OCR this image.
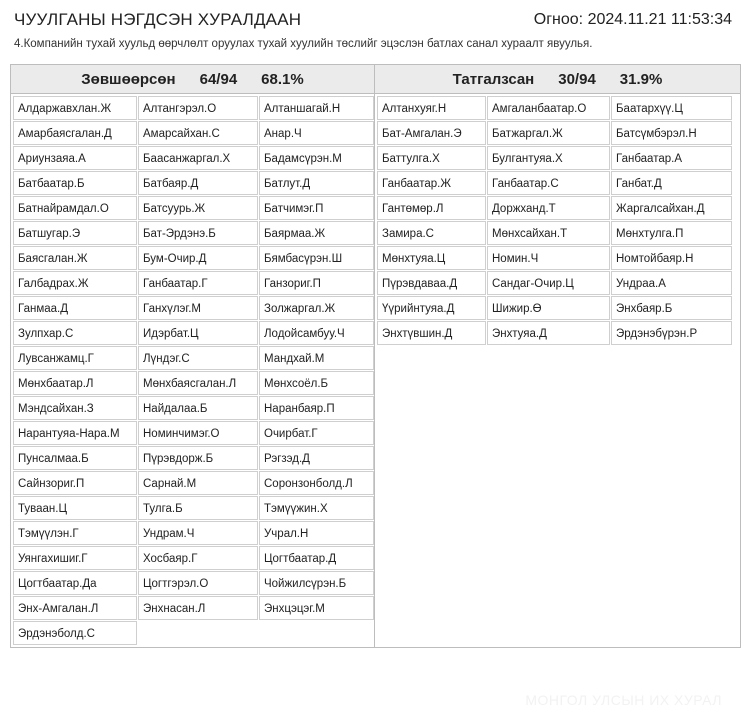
ЧУУЛГАНЫ НЭГДСЭН ХУРАЛДААН	Огноо: 2024.11.21 11:53:34
4.Компанийн тухай хуульд өөрчлөлт оруулах тухай хуулийн төслийг эцэслэн батлах санал хураалт явуулья.
Зөвшөөрсөн 64/94 68.1%
Алдаржавхлан.Ж	Алтангэрэл.О	Алтаншагай.Н
Амарбаясгалан.Д	Амарсайхан.С	Анар.Ч
Ариунзаяа.А	Баасанжаргал.Х	Бадамсүрэн.М
Батбаатар.Б	Батбаяр.Д	Батлут.Д
Батнайрамдал.О	Батсуурь.Ж	Батчимэг.П
Батшугар.Э	Бат-Эрдэнэ.Б	Баярмаа.Ж
Баясгалан.Ж	Бум-Очир.Д	Бямбасүрэн.Ш
Галбадрах.Ж	Ганбаатар.Г	Ганзориг.П
Ганмаа.Д	Ганхүлэг.М	Золжаргал.Ж
Зулпхар.С	Идэрбат.Ц	Лодойсамбуу.Ч
Лувсанжамц.Г	Лүндэг.С	Мандхай.М
Мөнхбаатар.Л	Мөнхбаясгалан.Л	Мөнхсоёл.Б
Мэндсайхан.З	Найдалаа.Б	Наранбаяр.П
Нарантуяа-Нара.М	Номинчимэг.О	Очирбат.Г
Пунсалмаа.Б	Пүрэвдорж.Б	Рэгзэд.Д
Сайнзориг.П	Сарнай.М	Соронзонболд.Л
Туваан.Ц	Тулга.Б	Тэмүүжин.Х
Тэмүүлэн.Г	Ундрам.Ч	Учрал.Н
Уянгахишиг.Г	Хосбаяр.Г	Цогтбаатар.Д
Цогтбаатар.Да	Цогтгэрэл.О	Чойжилсүрэн.Б
Энх-Амгалан.Л	Энхнасан.Л	Энхцэцэг.М
Эрдэнэболд.С
Татгалзсан 30/94 31.9%
Алтанхуяг.Н	Амгаланбаатар.О	Баатархүү.Ц
Бат-Амгалан.Э	Батжаргал.Ж	Батсүмбэрэл.Н
Баттулга.Х	Булгантуяа.Х	Ганбаатар.А
Ганбаатар.Ж	Ганбаатар.С	Ганбат.Д
Гантөмөр.Л	Доржханд.Т	Жаргалсайхан.Д
Замира.С	Мөнхсайхан.Т	Мөнхтулга.П
Мөнхтуяа.Ц	Номин.Ч	Номтойбаяр.Н
Пүрэвдаваа.Д	Сандаг-Очир.Ц	Ундраа.А
Үүрийнтуяа.Д	Шижир.Ө	Энхбаяр.Б
Энхтүвшин.Д	Энхтуяа.Д	Эрдэнэбүрэн.Р
МОНГОЛ УЛСЫН ИХ ХУРАЛ
